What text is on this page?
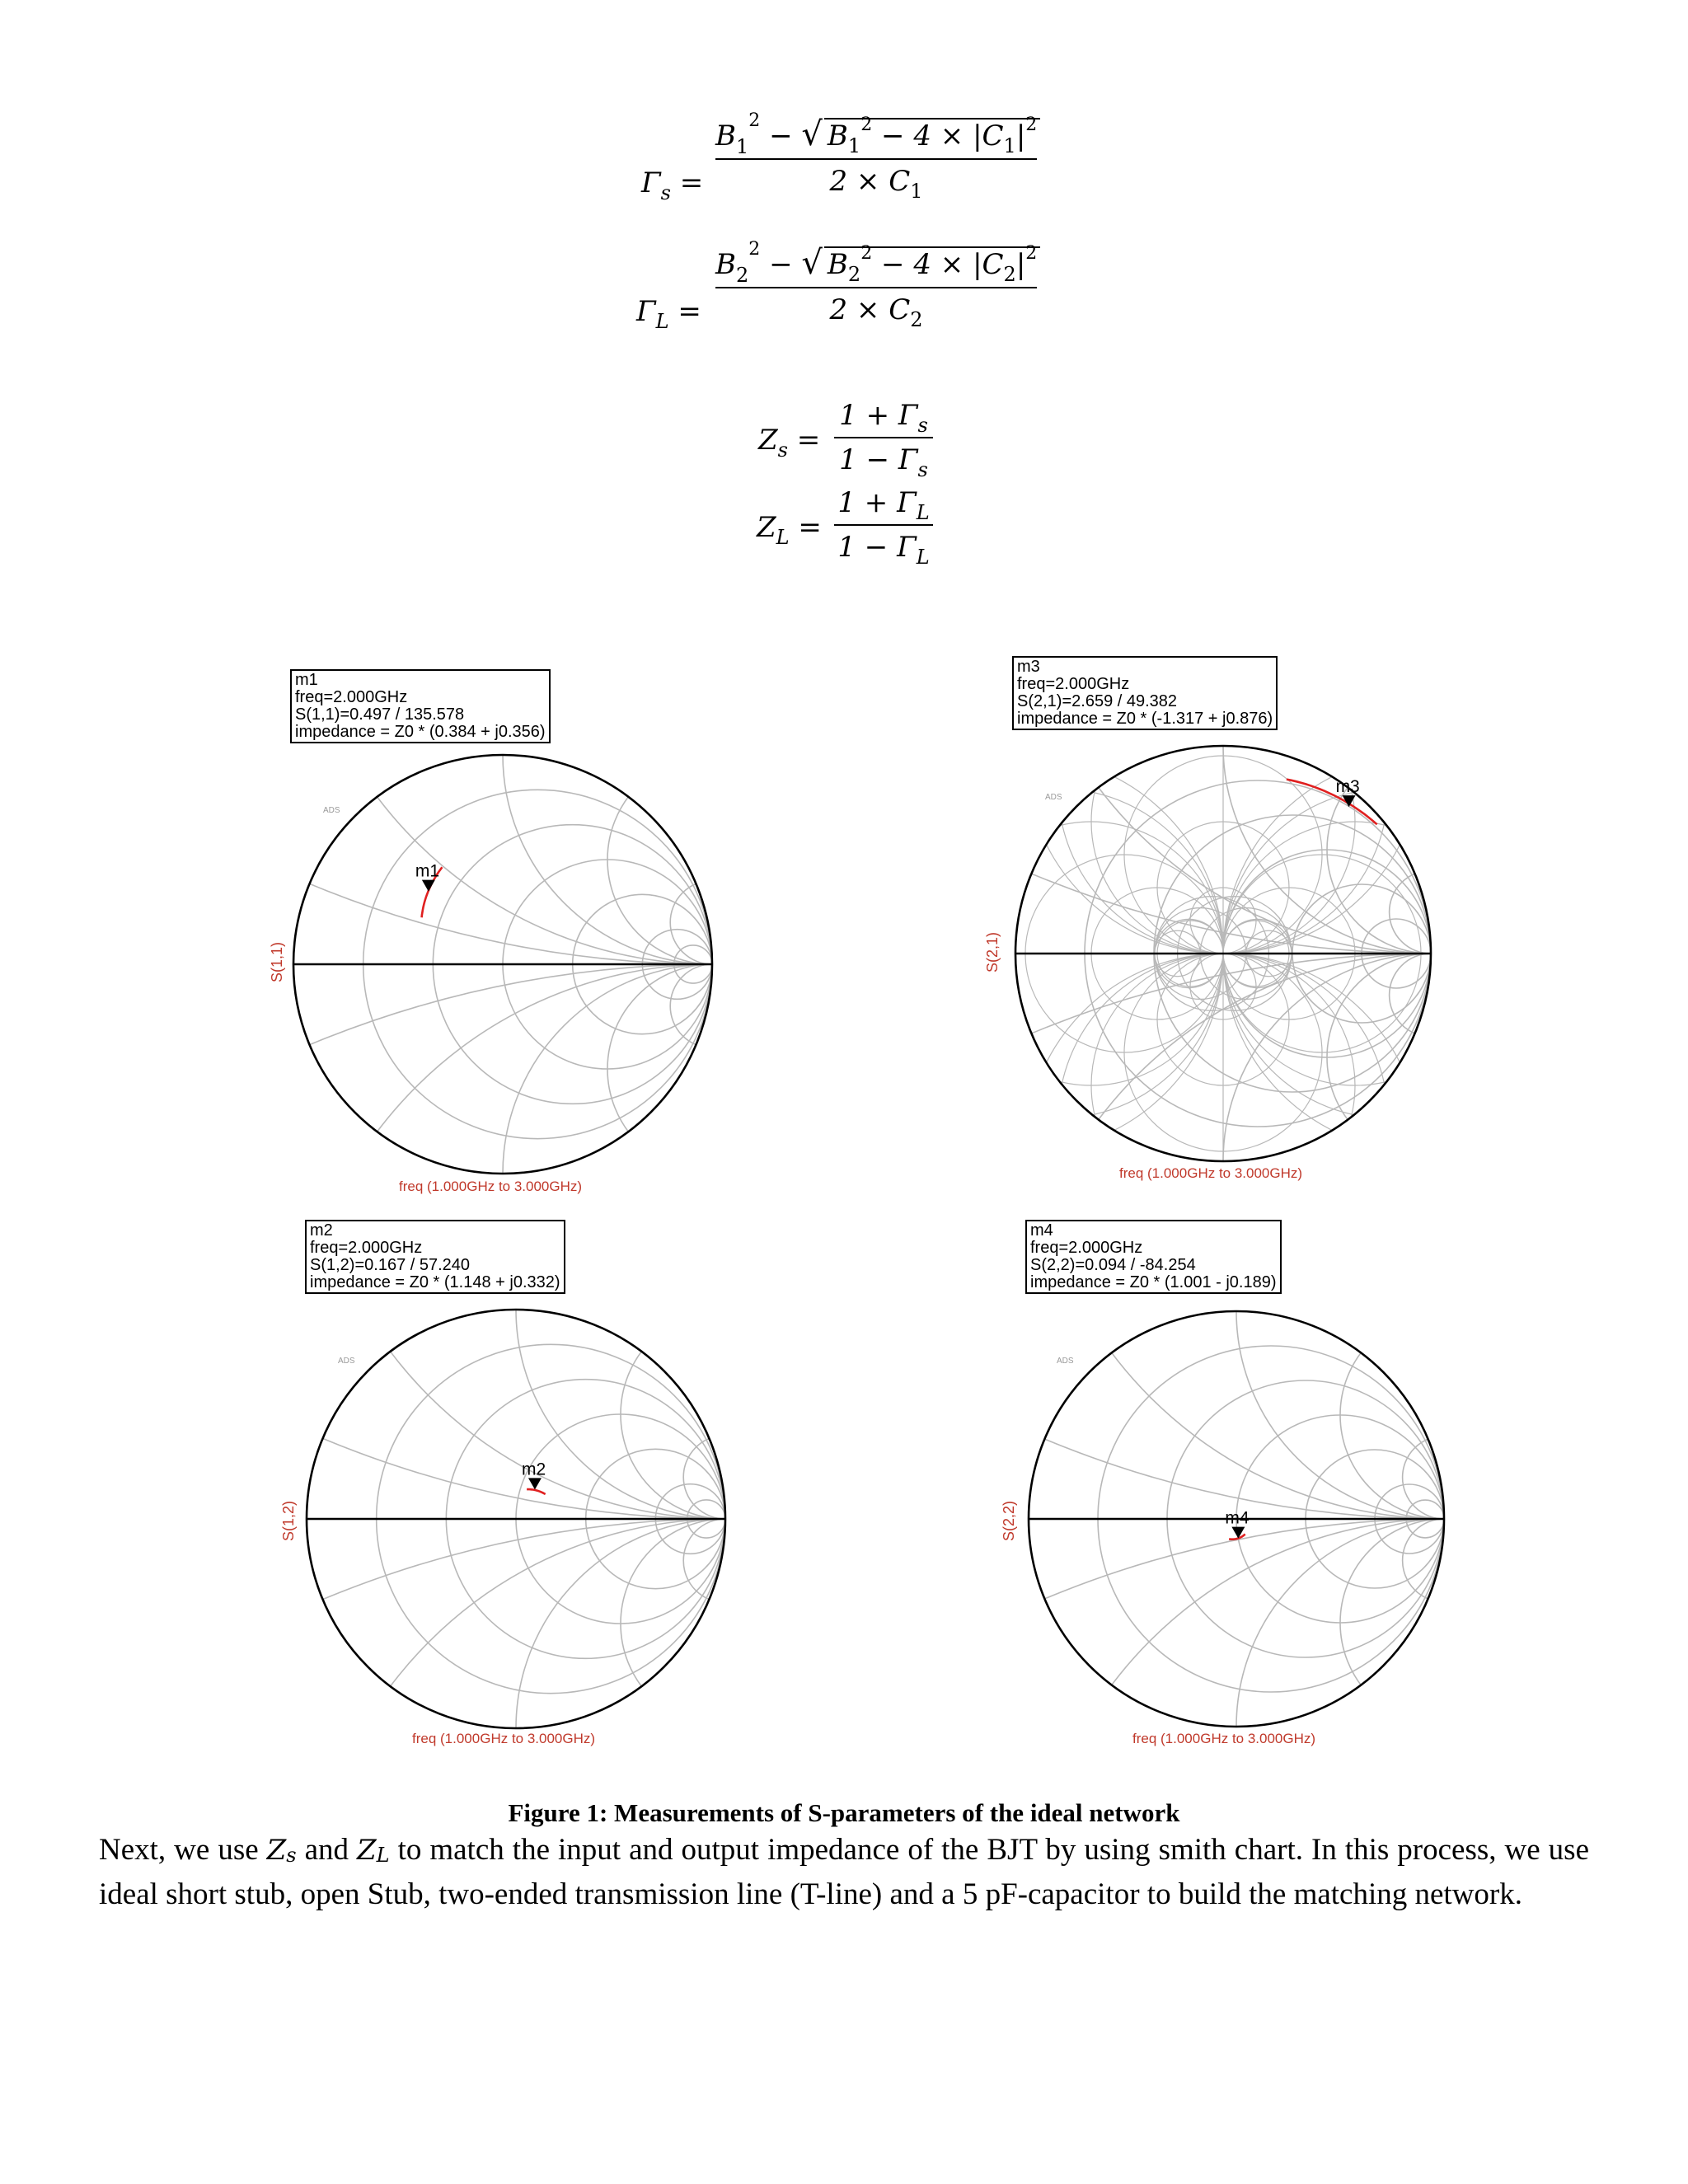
Γs =
$B1^2$ − √ $B1^2 - 4 \times |C1|^2$
2 × C1
ΓL =
$B2^2$ − √ $B2^2 - 4 \times |C2|^2$
2 × C2
Zs =
1 + Γs
1 − Γs
ZL =
1 + ΓL
1 − ΓL
m1
freq=2.000GHz
S(1,1)=0.497 / 135.578
impedance = Z0 * (0.384 + j0.356)
ADS
m1
S(1,1)
freq (1.000GHz to 3.000GHz)
m3
freq=2.000GHz
S(2,1)=2.659 / 49.382
impedance = Z0 * (-1.317 + j0.876)
ADS
m3
S(2,1)
freq (1.000GHz to 3.000GHz)
m2
freq=2.000GHz
S(1,2)=0.167 / 57.240
impedance = Z0 * (1.148 + j0.332)
ADS
m2
S(1,2)
freq (1.000GHz to 3.000GHz)
m4
freq=2.000GHz
S(2,2)=0.094 / -84.254
impedance = Z0 * (1.001 - j0.189)
ADS
m4
S(2,2)
freq (1.000GHz to 3.000GHz)
Figure 1: Measurements of S-parameters of the ideal network
Next, we use Zs and ZL to match the input and output impedance of the BJT by using smith chart. In this process, we use ideal short stub, open Stub, two-ended transmission line (T-line) and a 5 pF-capacitor to build the matching network.
